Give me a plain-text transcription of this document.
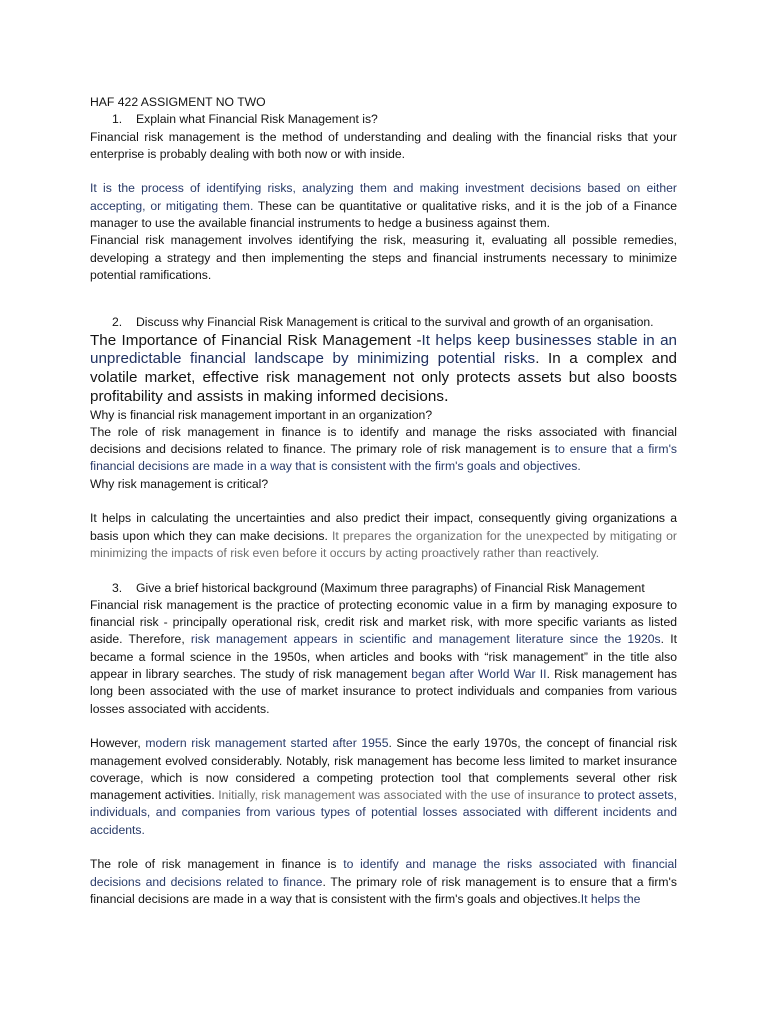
HAF 422 ASSIGMENT NO TWO

1. Explain what Financial Risk Management is?

Financial risk management is the method of understanding and dealing with the financial risks that your enterprise is probably dealing with both now or with inside.

It is the process of identifying risks, analyzing them and making investment decisions based on either accepting, or mitigating them. These can be quantitative or qualitative risks, and it is the job of a Finance manager to use the available financial instruments to hedge a business against them.

Financial risk management involves identifying the risk, measuring it, evaluating all possible remedies, developing a strategy and then implementing the steps and financial instruments necessary to minimize potential ramifications.

2. Discuss why Financial Risk Management is critical to the survival and growth of an organisation.

The Importance of Financial Risk Management -It helps keep businesses stable in an unpredictable financial landscape by minimizing potential risks. In a complex and volatile market, effective risk management not only protects assets but also boosts profitability and assists in making informed decisions.

Why is financial risk management important in an organization?

The role of risk management in finance is to identify and manage the risks associated with financial decisions and decisions related to finance. The primary role of risk management is to ensure that a firm's financial decisions are made in a way that is consistent with the firm's goals and objectives.

Why risk management is critical?

It helps in calculating the uncertainties and also predict their impact, consequently giving organizations a basis upon which they can make decisions. It prepares the organization for the unexpected by mitigating or minimizing the impacts of risk even before it occurs by acting proactively rather than reactively.

3. Give a brief historical background (Maximum three paragraphs) of Financial Risk Management

Financial risk management is the practice of protecting economic value in a firm by managing exposure to financial risk - principally operational risk, credit risk and market risk, with more specific variants as listed aside. Therefore, risk management appears in scientific and management literature since the 1920s. It became a formal science in the 1950s, when articles and books with “risk management” in the title also appear in library searches. The study of risk management began after World War II. Risk management has long been associated with the use of market insurance to protect individuals and companies from various losses associated with accidents.

However, modern risk management started after 1955. Since the early 1970s, the concept of financial risk management evolved considerably. Notably, risk management has become less limited to market insurance coverage, which is now considered a competing protection tool that complements several other risk management activities. Initially, risk management was associated with the use of insurance to protect assets, individuals, and companies from various types of potential losses associated with different incidents and accidents.

The role of risk management in finance is to identify and manage the risks associated with financial decisions and decisions related to finance. The primary role of risk management is to ensure that a firm's financial decisions are made in a way that is consistent with the firm's goals and objectives.It helps the
